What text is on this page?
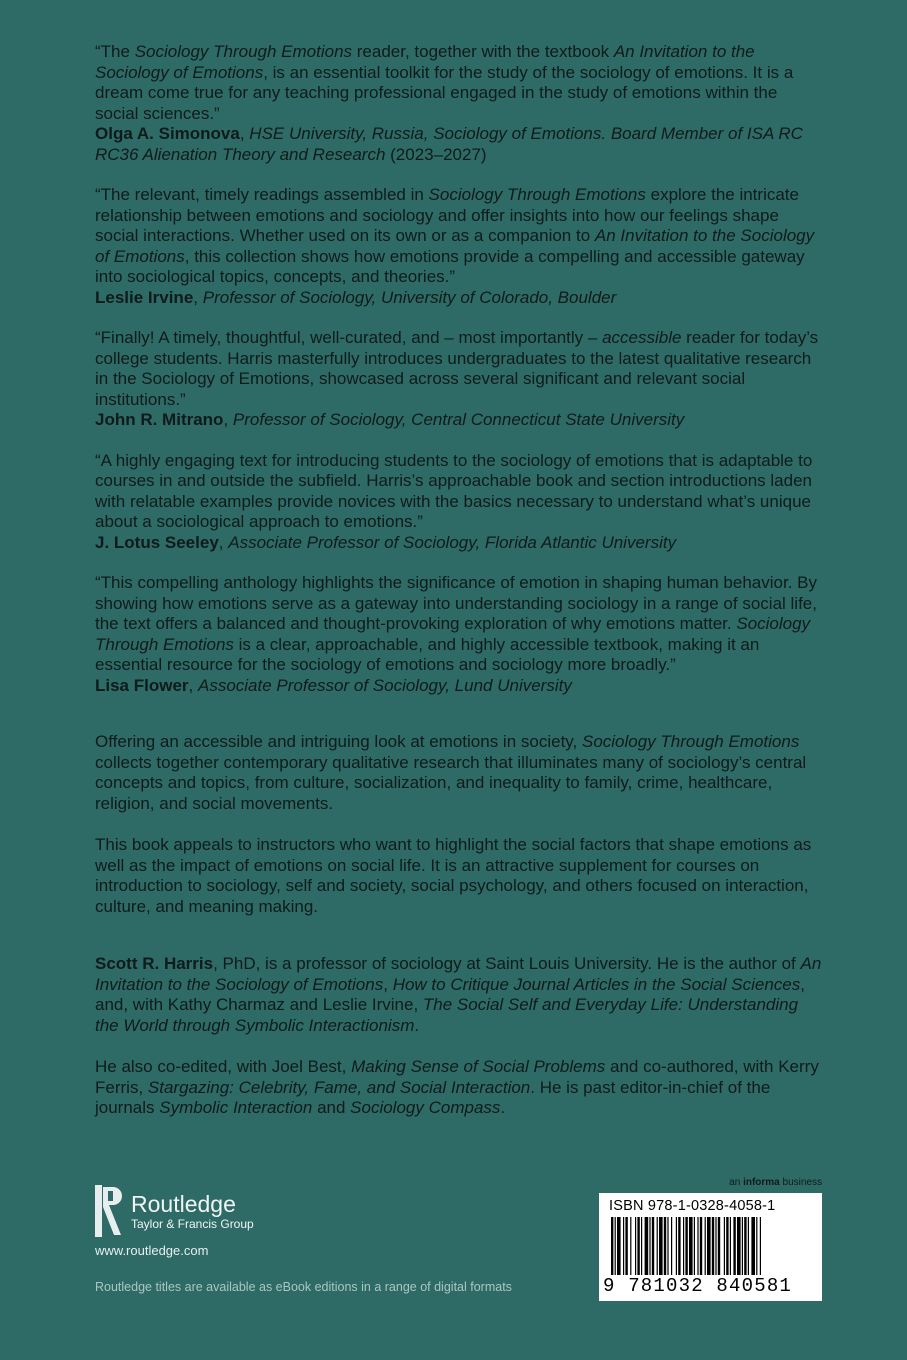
“The Sociology Through Emotions reader, together with the textbook An Invitation to the Sociology of Emotions, is an essential toolkit for the study of the sociology of emotions. It is a dream come true for any teaching professional engaged in the study of emotions within the social sciences.”

Olga A. Simonova, HSE University, Russia, Sociology of Emotions. Board Member of ISA RC RC36 Alienation Theory and Research (2023–2027)

“The relevant, timely readings assembled in Sociology Through Emotions explore the intricate relationship between emotions and sociology and offer insights into how our feelings shape social interactions. Whether used on its own or as a companion to An Invitation to the Sociology of Emotions, this collection shows how emotions provide a compelling and accessible gateway into sociological topics, concepts, and theories.”

Leslie Irvine, Professor of Sociology, University of Colorado, Boulder

“Finally! A timely, thoughtful, well-curated, and – most importantly – accessible reader for today’s college students. Harris masterfully introduces undergraduates to the latest qualitative research in the Sociology of Emotions, showcased across several significant and relevant social institutions.”

John R. Mitrano, Professor of Sociology, Central Connecticut State University

“A highly engaging text for introducing students to the sociology of emotions that is adaptable to courses in and outside the subfield. Harris’s approachable book and section introductions laden with relatable examples provide novices with the basics necessary to understand what’s unique about a sociological approach to emotions.”

J. Lotus Seeley, Associate Professor of Sociology, Florida Atlantic University

“This compelling anthology highlights the significance of emotion in shaping human behavior. By showing how emotions serve as a gateway into understanding sociology in a range of social life, the text offers a balanced and thought-provoking exploration of why emotions matter. Sociology Through Emotions is a clear, approachable, and highly accessible textbook, making it an essential resource for the sociology of emotions and sociology more broadly.”

Lisa Flower, Associate Professor of Sociology, Lund University

Offering an accessible and intriguing look at emotions in society, Sociology Through Emotions collects together contemporary qualitative research that illuminates many of sociology’s central concepts and topics, from culture, socialization, and inequality to family, crime, healthcare, religion, and social movements.

This book appeals to instructors who want to highlight the social factors that shape emotions as well as the impact of emotions on social life. It is an attractive supplement for courses on introduction to sociology, self and society, social psychology, and others focused on interaction, culture, and meaning making.

Scott R. Harris, PhD, is a professor of sociology at Saint Louis University. He is the author of An Invitation to the Sociology of Emotions, How to Critique Journal Articles in the Social Sciences, and, with Kathy Charmaz and Leslie Irvine, The Social Self and Everyday Life: Understanding the World through Symbolic Interactionism.

He also co-edited, with Joel Best, Making Sense of Social Problems and co-authored, with Kerry Ferris, Stargazing: Celebrity, Fame, and Social Interaction. He is past editor-in-chief of the journals Symbolic Interaction and Sociology Compass.

Routledge
Taylor & Francis Group
www.routledge.com
Routledge titles are available as eBook editions in a range of digital formats
an informa business
ISBN 978-1-0328-4058-1
9 781032 840581
